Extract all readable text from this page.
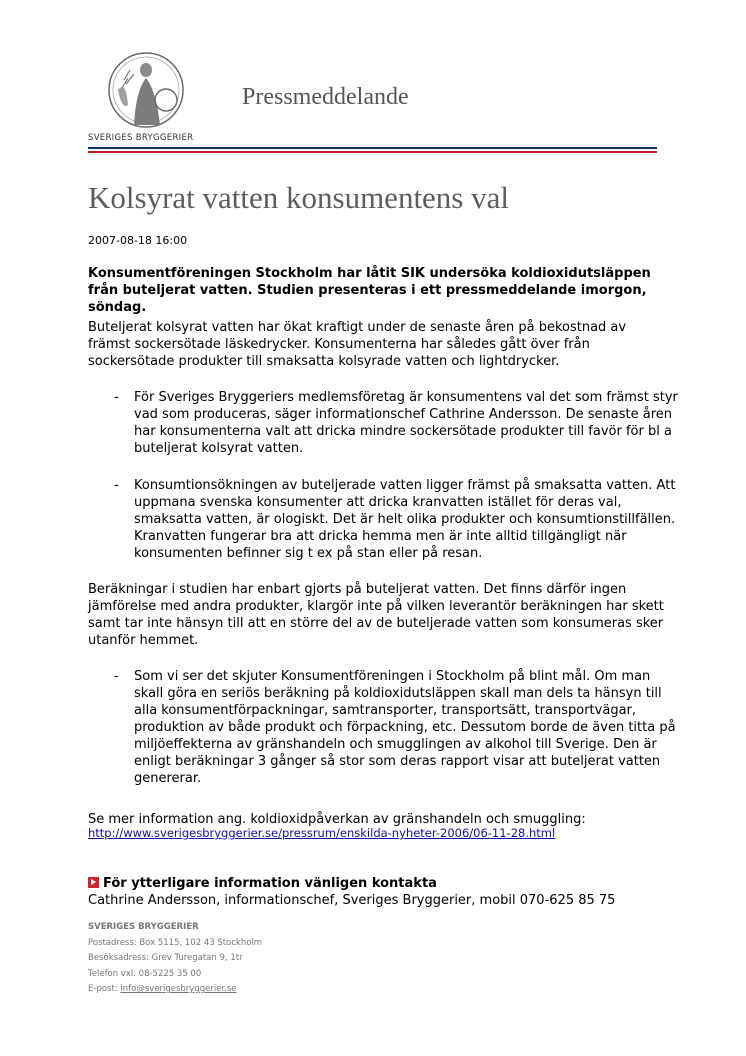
SVERIGES BRYGGERIER
Pressmeddelande
Kolsyrat vatten konsumentens val
2007-08-18 16:00

Konsumentföreningen Stockholm har låtit SIK undersöka koldioxidutsläppen från buteljerat vatten. Studien presenteras i ett pressmeddelande imorgon, söndag.

Buteljerat kolsyrat vatten har ökat kraftigt under de senaste åren på bekostnad av främst sockersötade läskedrycker. Konsumenterna har således gått över från sockersötade produkter till smaksatta kolsyrade vatten och lightdrycker.

- För Sveriges Bryggeriers medlemsföretag är konsumentens val det som främst styr vad som produceras, säger informationschef Cathrine Andersson. De senaste åren har konsumenterna valt att dricka mindre sockersötade produkter till favör för bl a buteljerat kolsyrat vatten.

- Konsumtionsökningen av buteljerade vatten ligger främst på smaksatta vatten. Att uppmana svenska konsumenter att dricka kranvatten istället för deras val, smaksatta vatten, är ologiskt. Det är helt olika produkter och konsumtionstillfällen. Kranvatten fungerar bra att dricka hemma men är inte alltid tillgängligt när konsumenten befinner sig t ex på stan eller på resan.

Beräkningar i studien har enbart gjorts på buteljerat vatten. Det finns därför ingen jämförelse med andra produkter, klargör inte på vilken leverantör beräkningen har skett samt tar inte hänsyn till att en större del av de buteljerade vatten som konsumeras sker utanför hemmet.

- Som vi ser det skjuter Konsumentföreningen i Stockholm på blint mål. Om man skall göra en seriös beräkning på koldioxidutsläppen skall man dels ta hänsyn till alla konsumentförpackningar, samtransporter, transportsätt, transportvägar, produktion av både produkt och förpackning, etc. Dessutom borde de även titta på miljöeffekterna av gränshandeln och smugglingen av alkohol till Sverige. Den är enligt beräkningar 3 gånger så stor som deras rapport visar att buteljerat vatten genererar.

Se mer information ang. koldioxidpåverkan av gränshandeln och smuggling:

http://www.sverigesbryggerier.se/pressrum/enskilda-nyheter-2006/06-11-28.html
För ytterligare information vänligen kontakta
Cathrine Andersson, informationschef, Sveriges Bryggerier, mobil 070-625 85 75
SVERIGES BRYGGERIER
Postadress: Box 5115, 102 43 Stockholm
Besöksadress: Grev Turegatan 9, 1tr
Telefon vxl. 08-5225 35 00
E-post: info@sverigesbryggerier.se
